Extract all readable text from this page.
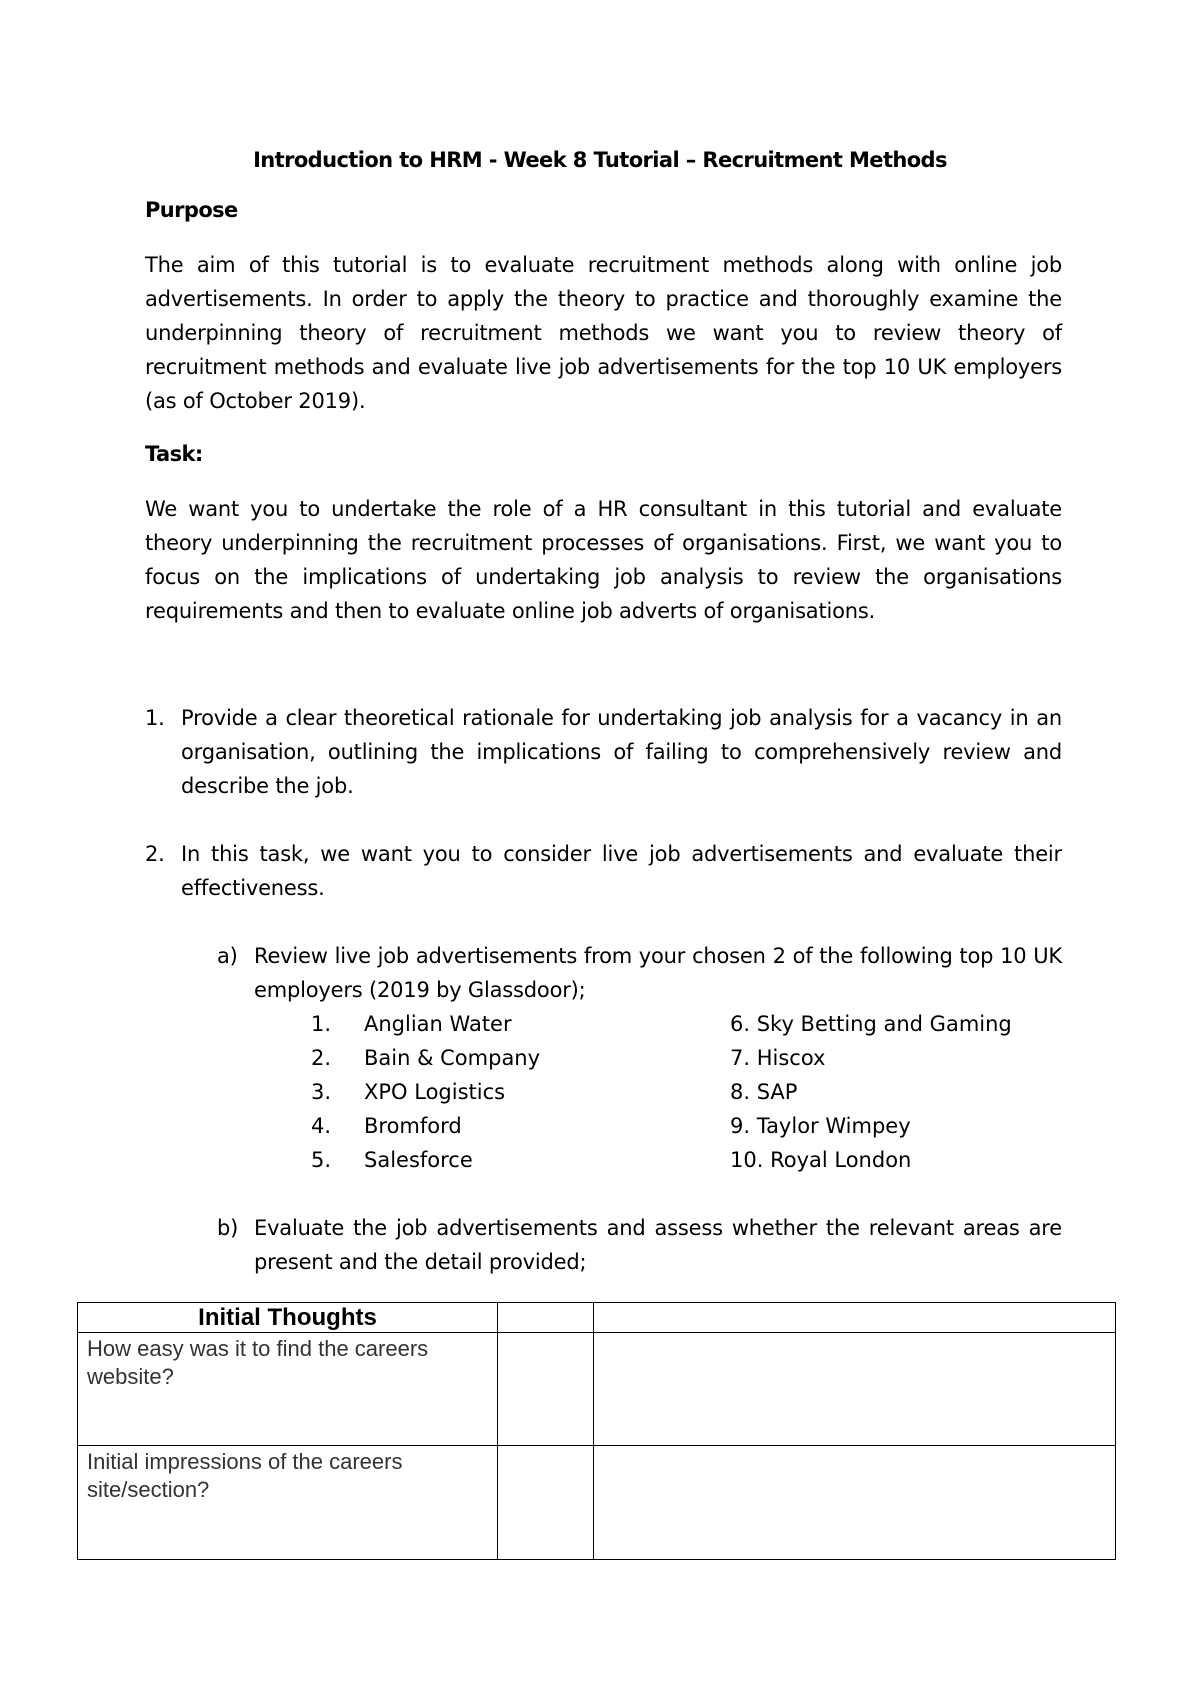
Introduction to HRM - Week 8 Tutorial – Recruitment Methods
Purpose

The aim of this tutorial is to evaluate recruitment methods along with online job advertisements. In order to apply the theory to practice and thoroughly examine the underpinning theory of recruitment methods we want you to review theory of recruitment methods and evaluate live job advertisements for the top 10 UK employers (as of October 2019).

Task:

We want you to undertake the role of a HR consultant in this tutorial and evaluate theory underpinning the recruitment processes of organisations. First, we want you to focus on the implications of undertaking job analysis to review the organisations requirements and then to evaluate online job adverts of organisations.

1. Provide a clear theoretical rationale for undertaking job analysis for a vacancy in an organisation, outlining the implications of failing to comprehensively review and describe the job.
2. In this task, we want you to consider live job advertisements and evaluate their effectiveness.
a) Review live job advertisements from your chosen 2 of the following top 10 UK employers (2019 by Glassdoor);
1. Anglian Water
2. Bain & Company
3. XPO Logistics
4. Bromford
5. Salesforce
6. Sky Betting and Gaming
7. Hiscox
8. SAP
9. Taylor Wimpey
10. Royal London
b) Evaluate the job advertisements and assess whether the relevant areas are present and the detail provided;
Initial Thoughts		
How easy was it to find the careers website?		
Initial impressions of the careers site/section?		
